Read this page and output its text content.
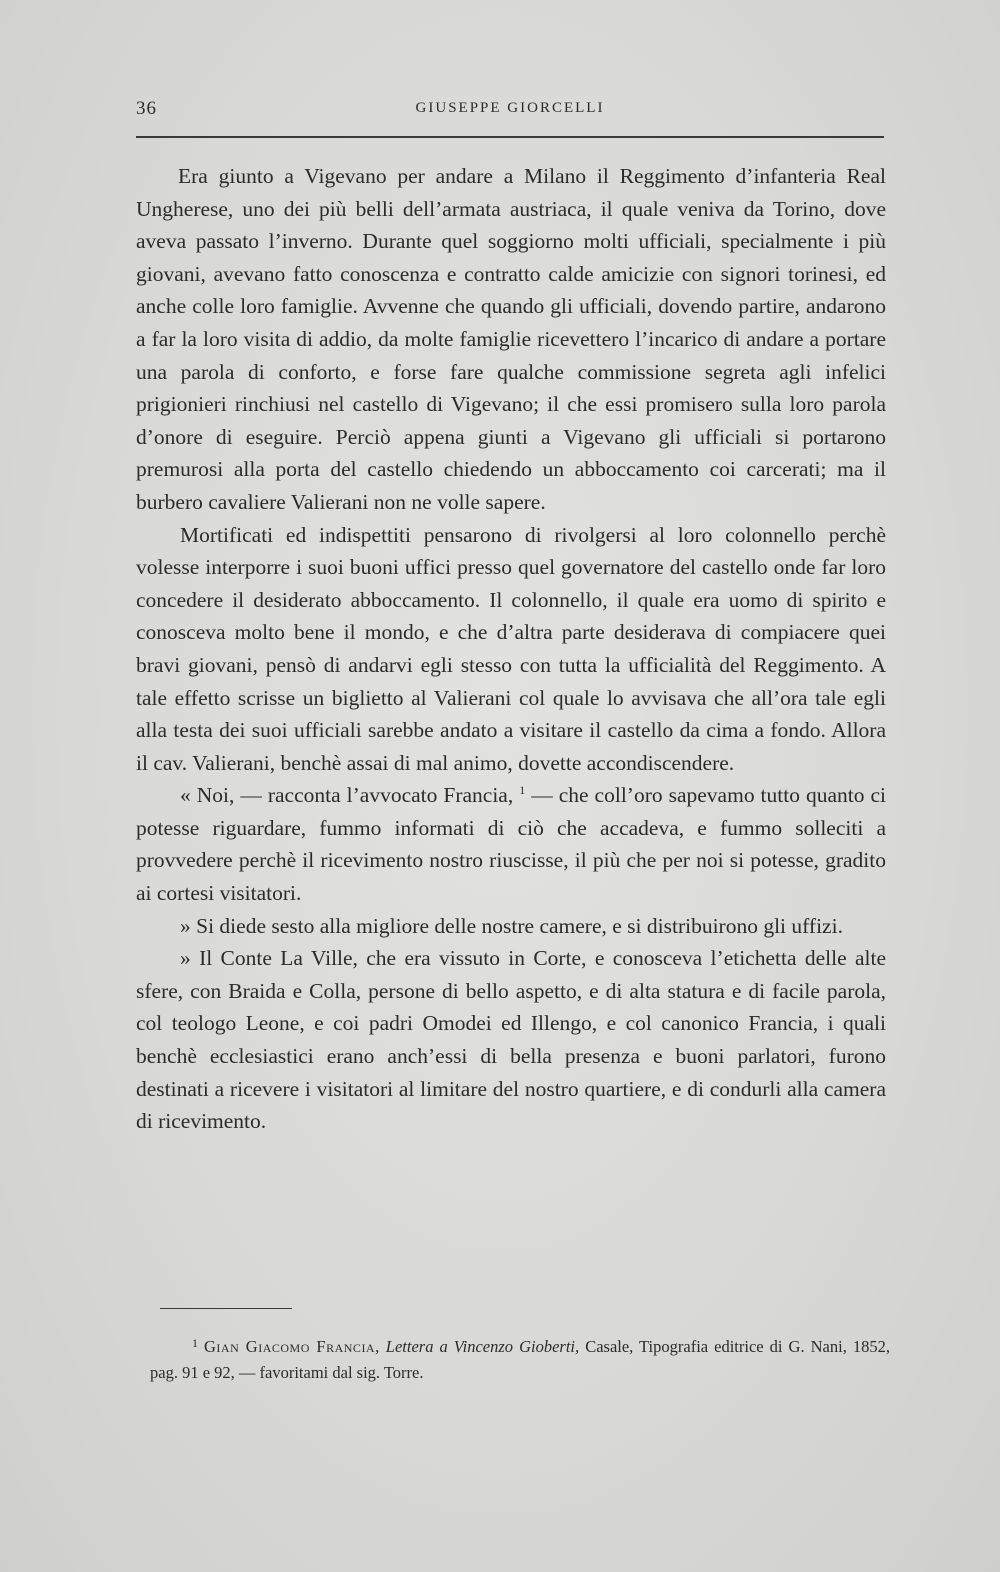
36	GIUSEPPE GIORCELLI

Era giunto a Vigevano per andare a Milano il Reggimento d’infanteria Real Ungherese, uno dei più belli dell’armata austriaca, il quale veniva da Torino, dove aveva passato l’inverno. Durante quel soggiorno molti ufficiali, specialmente i più giovani, avevano fatto conoscenza e contratto calde amicizie con signori torinesi, ed anche colle loro famiglie. Avvenne che quando gli ufficiali, dovendo partire, andarono a far la loro visita di addio, da molte famiglie ricevettero l’incarico di andare a portare una parola di conforto, e forse fare qualche commissione segreta agli infelici prigionieri rinchiusi nel castello di Vigevano; il che essi promisero sulla loro parola d’onore di eseguire. Perciò appena giunti a Vigevano gli ufficiali si portarono premurosi alla porta del castello chiedendo un abboccamento coi carcerati; ma il burbero cavaliere Valierani non ne volle sapere.

Mortificati ed indispettiti pensarono di rivolgersi al loro colonnello perchè volesse interporre i suoi buoni uffici presso quel governatore del castello onde far loro concedere il desiderato abboccamento. Il colonnello, il quale era uomo di spirito e conosceva molto bene il mondo, e che d’altra parte desiderava di compiacere quei bravi giovani, pensò di andarvi egli stesso con tutta la ufficialità del Reggimento. A tale effetto scrisse un biglietto al Valierani col quale lo avvisava che all’ora tale egli alla testa dei suoi ufficiali sarebbe andato a visitare il castello da cima a fondo. Allora il cav. Valierani, benchè assai di mal animo, dovette accondiscendere.

« Noi, — racconta l’avvocato Francia, $^1$ — che coll’oro sapevamo tutto quanto ci potesse riguardare, fummo informati di ciò che accadeva, e fummo solleciti a provvedere perchè il ricevimento nostro riuscisse, il più che per noi si potesse, gradito ai cortesi visitatori.

» Si diede sesto alla migliore delle nostre camere, e si distribuirono gli uffizi.

» Il Conte La Ville, che era vissuto in Corte, e conosceva l’etichetta delle alte sfere, con Braida e Colla, persone di bello aspetto, e di alta statura e di facile parola, col teologo Leone, e coi padri Omodei ed Illengo, e col canonico Francia, i quali benchè ecclesiastici erano anch’essi di bella presenza e buoni parlatori, furono destinati a ricevere i visitatori al limitare del nostro quartiere, e di condurli alla camera di ricevimento.

$^1$ Gian Giacomo Francia, Lettera a Vincenzo Gioberti, Casale, Tipografia editrice di G. Nani, 1852, pag. 91 e 92, — favoritami dal sig. Torre.
